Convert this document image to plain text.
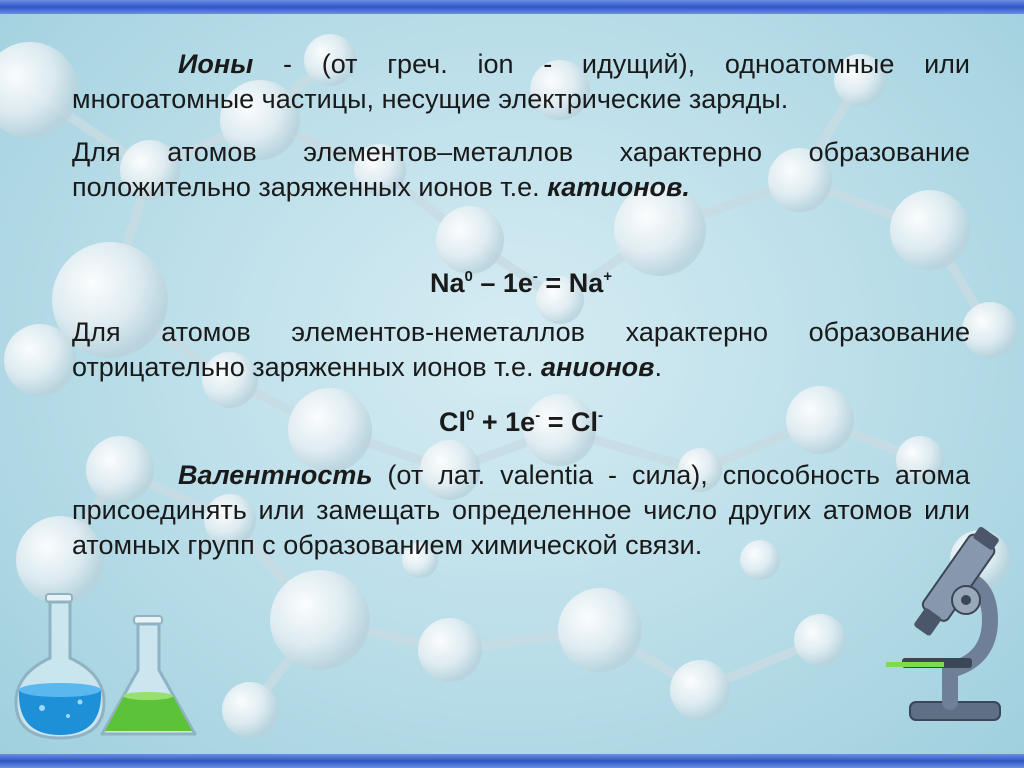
Ионы - (от греч. ion - идущий), одноатомные или многоатомные частицы, несущие электрические заряды.
Для атомов элементов–металлов характерно образование положительно заряженных ионов т.е. катионов.
Na$^0$ – 1e- = Na+
Для атомов элементов-неметаллов характерно образование отрицательно заряженных ионов т.е. анионов.
$Cl^0 + 1e^- = Cl^-$
Валентность (от лат. valentia - сила), способность атома присоединять или замещать определенное число других атомов или атомных групп с образованием химической связи.
